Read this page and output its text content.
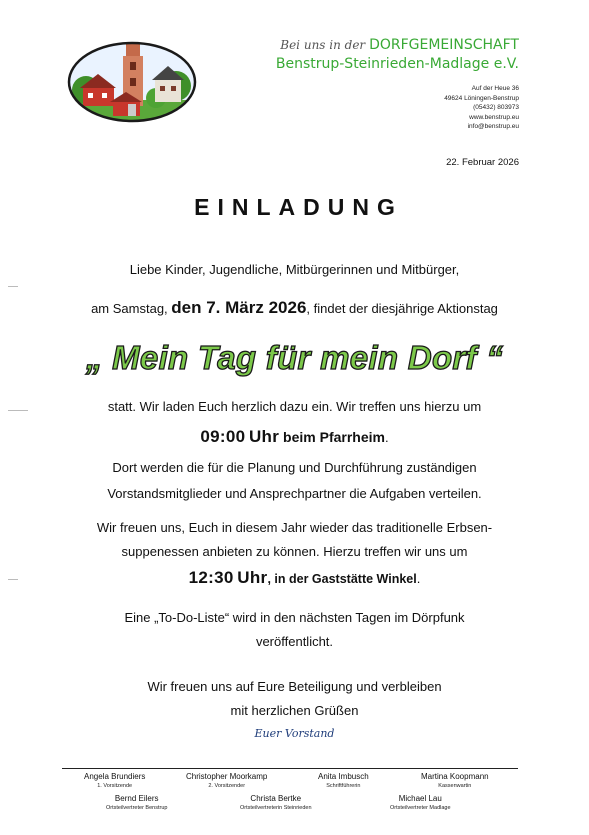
Bei uns in der DORFGEMEINSCHAFT
Benstrup-Steinrieden-Madlage e.V.
Auf der Heue 36
49624 Löningen-Benstrup
(05432) 803973
www.benstrup.eu
info@benstrup.eu
22. Februar 2026
EINLADUNG
Liebe Kinder, Jugendliche, Mitbürgerinnen und Mitbürger,
am Samstag, den 7. März 2026, findet der diesjährige Aktionstag
„ Mein Tag für mein Dorf “
statt. Wir laden Euch herzlich dazu ein. Wir treffen uns hierzu um
09:00 Uhr beim Pfarrheim.
Dort werden die für die Planung und Durchführung zuständigen
Vorstandsmitglieder und Ansprechpartner die Aufgaben verteilen.
Wir freuen uns, Euch in diesem Jahr wieder das traditionelle Erbsen-
suppenessen anbieten zu können. Hierzu treffen wir uns um
12:30 Uhr, in der Gaststätte Winkel.
Eine „To-Do-Liste“ wird in den nächsten Tagen im Dörpfunk
veröffentlicht.
Wir freuen uns auf Eure Beteiligung und verbleiben
mit herzlichen Grüßen
Euer Vorstand
Angela Brundiers
1. Vorsitzende
Christopher Moorkamp
2. Vorsitzender
Anita Imbusch
Schriftführerin
Martina Koopmann
Kassenwartin
Bernd Eilers
Ortsteilvertreter Benstrup
Christa Bertke
Ortsteilvertreterin Steinrieden
Michael Lau
Ortsteilvertreter Madlage
